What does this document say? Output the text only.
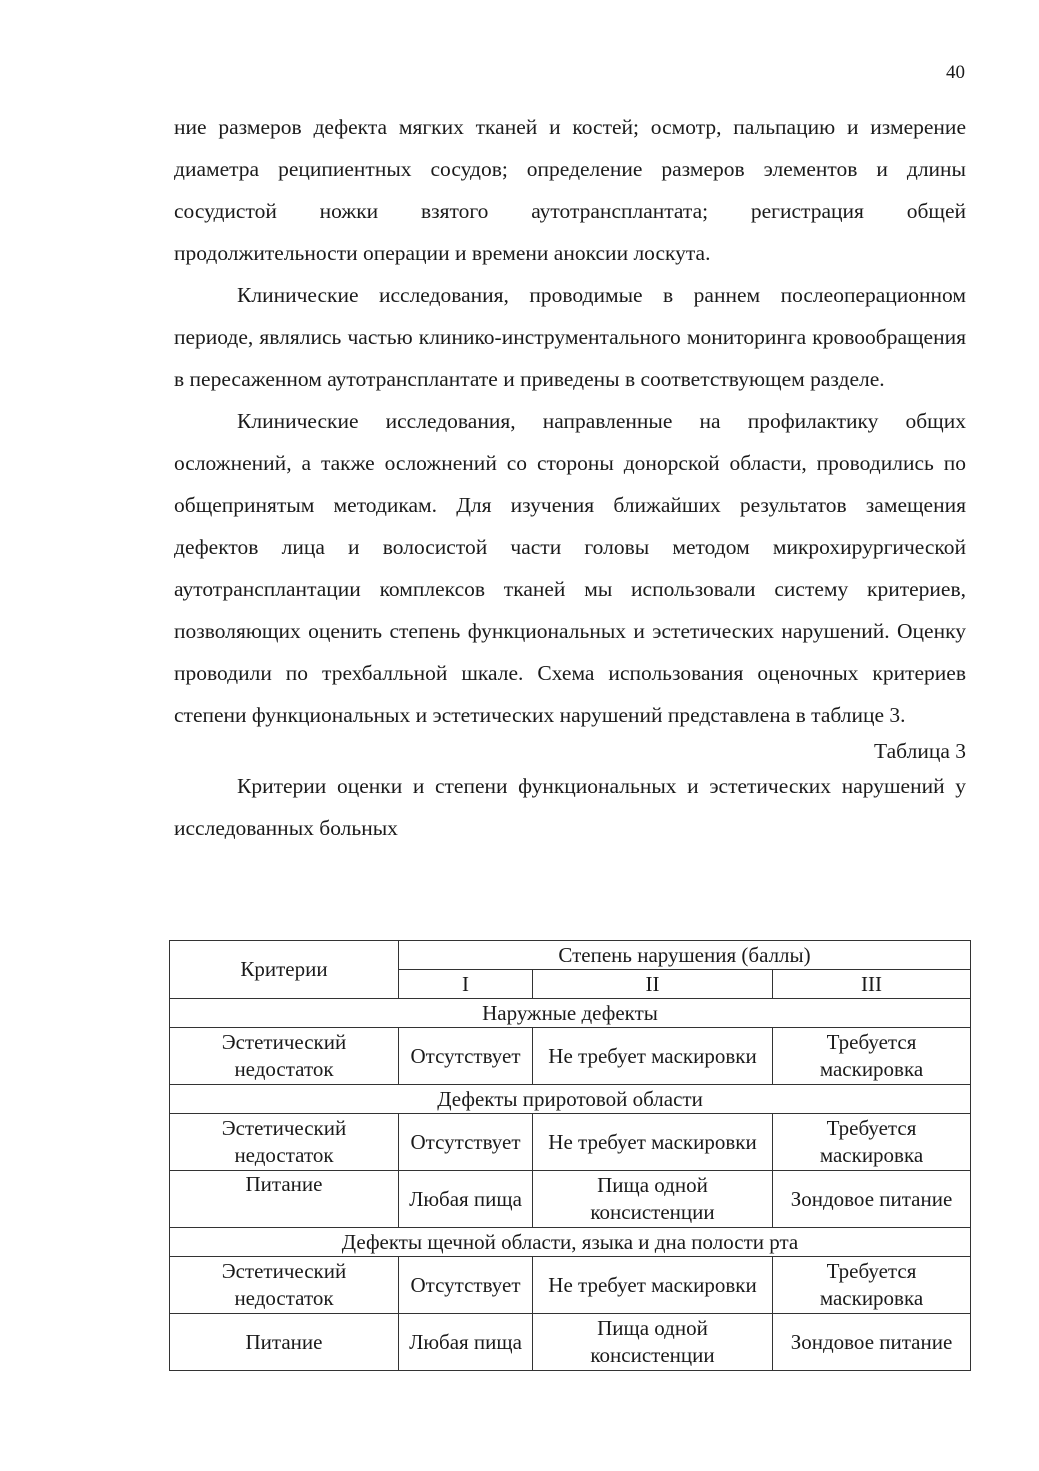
40

ние размеров дефекта мягких тканей и костей; осмотр, пальпацию и измерение диаметра реципиентных сосудов; определение размеров элементов и длины сосудистой ножки взятого аутотрансплантата; регистрация общей продолжительности операции и времени аноксии лоскута.

Клинические исследования, проводимые в раннем послеоперационном периоде, являлись частью клинико-инструментального мониторинга кровообращения в пересаженном аутотрансплантате и приведены в соответствующем разделе.

Клинические исследования, направленные на профилактику общих осложнений, а также осложнений со стороны донорской области, проводились по общепринятым методикам. Для изучения ближайших результатов замещения дефектов лица и волосистой части головы методом микрохирургической аутотрансплантации комплексов тканей мы использовали систему критериев, позволяющих оценить степень функциональных и эстетических нарушений. Оценку проводили по трехбалльной шкале. Схема использования оценочных критериев степени функциональных и эстетических нарушений представлена в таблице 3.

Таблица 3

Критерии оценки и степени функциональных и эстетических нарушений у исследованных больных

Критерии	Степень нарушения (баллы)		
	I	II	III
Наружные дефекты			
Эстетический недостаток	Отсутствует	Не требует маскировки	Требуется маскировка
Дефекты приротовой области			
Эстетический недостаток	Отсутствует	Не требует маскировки	Требуется маскировка
Питание	Любая пища	Пища одной консистенции	Зондовое питание
Дефекты щечной области, языка и дна полости рта			
Эстетический недостаток	Отсутствует	Не требует маскировки	Требуется маскировка
Питание	Любая пища	Пища одной консистенции	Зондовое питание
